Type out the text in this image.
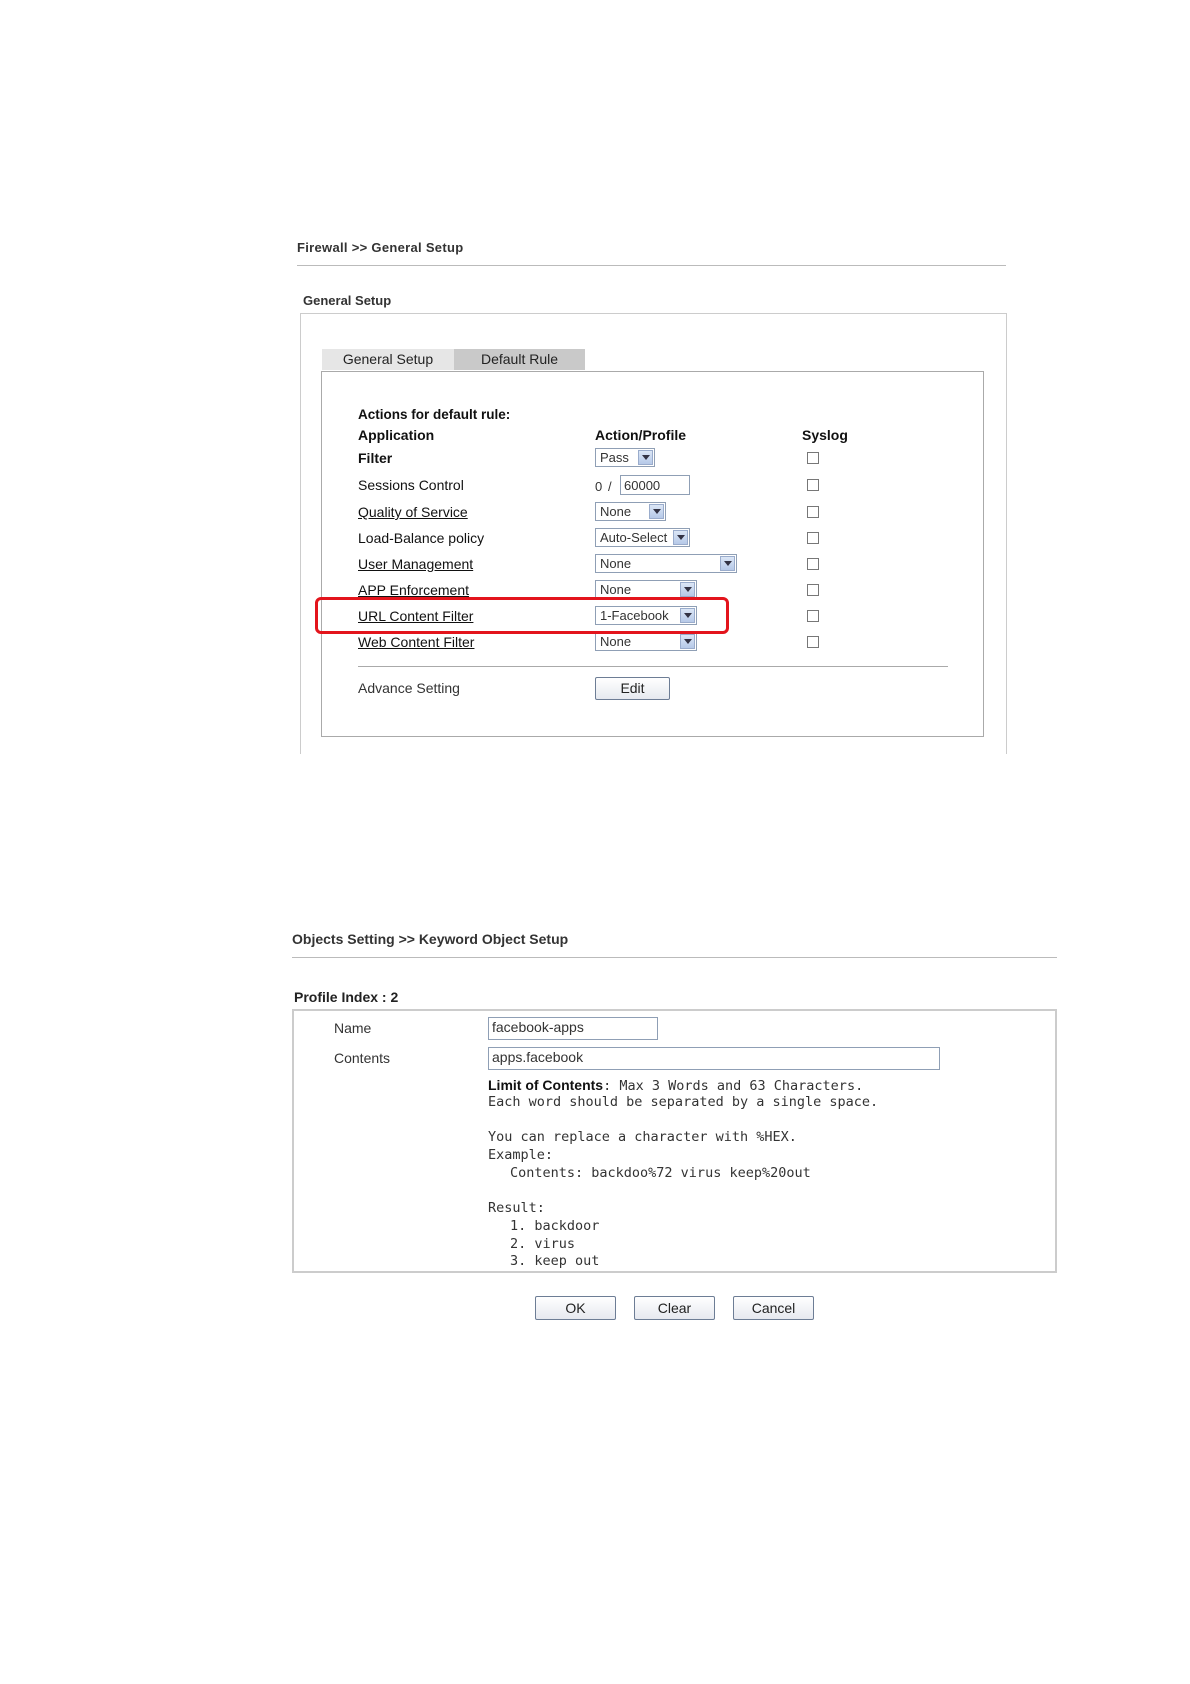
Firewall >> General Setup
General Setup
General Setup	Default Rule
Actions for default rule:
Application	Action/Profile	Syslog
Filter	Pass
Sessions Control	0 / 60000
Quality of Service	None
Load-Balance policy	Auto-Select
User Management	None
APP Enforcement	None
URL Content Filter	1-Facebook
Web Content Filter	None
Advance Setting	Edit
Objects Setting >> Keyword Object Setup
Profile Index : 2
Name	facebook-apps
Contents	apps.facebook
Limit of Contents: Max 3 Words and 63 Characters.
Each word should be separated by a single space.
You can replace a character with %HEX.
Example:
Contents: backdoo%72 virus keep%20out
Result:
1. backdoor
2. virus
3. keep out
OK	Clear	Cancel
